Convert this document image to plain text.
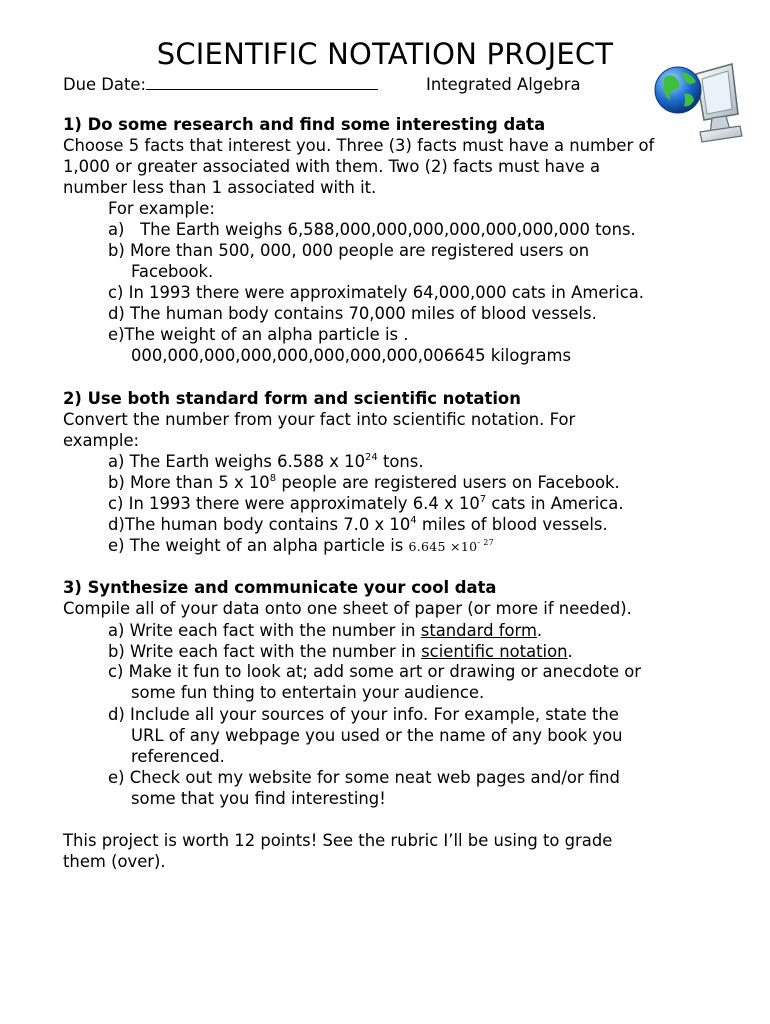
SCIENTIFIC NOTATION PROJECT
Due Date:	Integrated Algebra
1) Do some research and find some interesting data
Choose 5 facts that interest you. Three (3) facts must have a number of
1,000 or greater associated with them. Two (2) facts must have a
number less than 1 associated with it.
For example:
a)   The Earth weighs 6,588,000,000,000,000,000,000,000 tons.
b) More than 500, 000, 000 people are registered users on
Facebook.
c) In 1993 there were approximately 64,000,000 cats in America.
d) The human body contains 70,000 miles of blood vessels.
e)The weight of an alpha particle is .
000,000,000,000,000,000,000,000,006645 kilograms
2) Use both standard form and scientific notation
Convert the number from your fact into scientific notation. For
example:
a) The Earth weighs 6.588 x $10^{24}$ tons.
b) More than 5 x $10^8$ people are registered users on Facebook.
c) In 1993 there were approximately 6.4 x $10^7$ cats in America.
d)The human body contains 7.0 x $10^4$ miles of blood vessels.
e) The weight of an alpha particle is $6.645 \times 10^{- 27}$
3) Synthesize and communicate your cool data
Compile all of your data onto one sheet of paper (or more if needed).
a) Write each fact with the number in standard form.
b) Write each fact with the number in scientific notation.
c) Make it fun to look at; add some art or drawing or anecdote or
some fun thing to entertain your audience.
d) Include all your sources of your info. For example, state the
URL of any webpage you used or the name of any book you
referenced.
e) Check out my website for some neat web pages and/or find
some that you find interesting!
This project is worth 12 points! See the rubric I’ll be using to grade
them (over).
